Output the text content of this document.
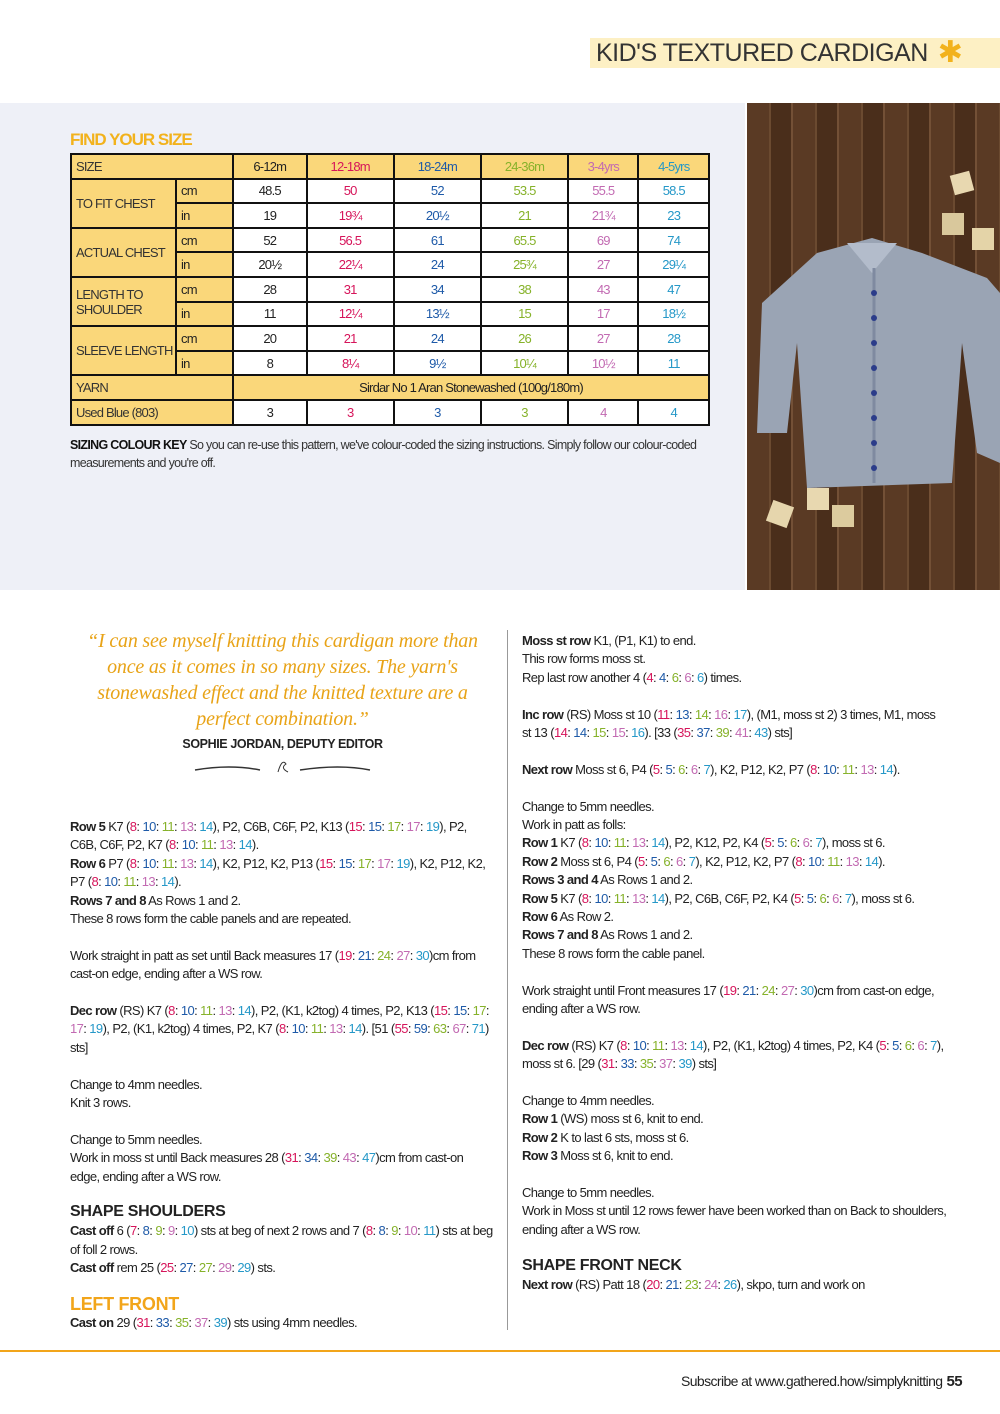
KID'S TEXTURED CARDIGAN ✱
FIND YOUR SIZE
SIZE		6-12m	12-18m	18-24m	24-36m	3-4yrs	4-5yrs
TO FIT CHEST	cm	48.5	50	52	53.5	55.5	58.5
	in	19	19¾	20½	21	21¾	23
ACTUAL CHEST	cm	52	56.5	61	65.5	69	74
	in	20½	22¼	24	25¾	27	29¼
LENGTH TO SHOULDER	cm	28	31	34	38	43	47
	in	11	12¼	13½	15	17	18½
SLEEVE LENGTH	cm	20	21	24	26	27	28
	in	8	8¼	9½	10¼	10½	11
YARN		Sirdar No 1 Aran Stonewashed (100g/180m)					
Used Blue (803)		3	3	3	3	4	4
SIZING COLOUR KEY So you can re-use this pattern, we've colour-coded the sizing instructions. Simply follow our colour-coded measurements and you're off.
“I can see myself knitting this cardigan more than once as it comes in so many sizes. The yarn's stonewashed effect and the knitted texture are a perfect combination.”
SOPHIE JORDAN, DEPUTY EDITOR

Row 5 K7 (8: 10: 11: 13: 14), P2, C6B, C6F, P2, K13 (15: 15: 17: 17: 19), P2, C6B, C6F, P2, K7 (8: 10: 11: 13: 14).
Row 6 P7 (8: 10: 11: 13: 14), K2, P12, K2, P13 (15: 15: 17: 17: 19), K2, P12, K2, P7 (8: 10: 11: 13: 14).
Rows 7 and 8 As Rows 1 and 2.
These 8 rows form the cable panels and are repeated.

Work straight in patt as set until Back measures 17 (19: 21: 24: 27: 30)cm from cast-on edge, ending after a WS row.

Dec row (RS) K7 (8: 10: 11: 13: 14), P2, (K1, k2tog) 4 times, P2, K13 (15: 15: 17: 17: 19), P2, (K1, k2tog) 4 times, P2, K7 (8: 10: 11: 13: 14). [51 (55: 59: 63: 67: 71) sts]

Change to 4mm needles.
Knit 3 rows.

Change to 5mm needles.
Work in moss st until Back measures 28 (31: 34: 39: 43: 47)cm from cast-on edge, ending after a WS row.

SHAPE SHOULDERS

Cast off 6 (7: 8: 9: 9: 10) sts at beg of next 2 rows and 7 (8: 8: 9: 10: 11) sts at beg of foll 2 rows.
Cast off rem 25 (25: 27: 27: 29: 29) sts.

LEFT FRONT

Cast on 29 (31: 33: 35: 37: 39) sts using 4mm needles.

Moss st row K1, (P1, K1) to end.
This row forms moss st.
Rep last row another 4 (4: 4: 6: 6: 6) times.

Inc row (RS) Moss st 10 (11: 13: 14: 16: 17), (M1, moss st 2) 3 times, M1, moss st 13 (14: 14: 15: 15: 16). [33 (35: 37: 39: 41: 43) sts]

Next row Moss st 6, P4 (5: 5: 6: 6: 7), K2, P12, K2, P7 (8: 10: 11: 13: 14).

Change to 5mm needles.
Work in patt as folls:
Row 1 K7 (8: 10: 11: 13: 14), P2, K12, P2, K4 (5: 5: 6: 6: 7), moss st 6.
Row 2 Moss st 6, P4 (5: 5: 6: 6: 7), K2, P12, K2, P7 (8: 10: 11: 13: 14).
Rows 3 and 4 As Rows 1 and 2.
Row 5 K7 (8: 10: 11: 13: 14), P2, C6B, C6F, P2, K4 (5: 5: 6: 6: 7), moss st 6.
Row 6 As Row 2.
Rows 7 and 8 As Rows 1 and 2.
These 8 rows form the cable panel.

Work straight until Front measures 17 (19: 21: 24: 27: 30)cm from cast-on edge, ending after a WS row.

Dec row (RS) K7 (8: 10: 11: 13: 14), P2, (K1, k2tog) 4 times, P2, K4 (5: 5: 6: 6: 7), moss st 6. [29 (31: 33: 35: 37: 39) sts]

Change to 4mm needles.
Row 1 (WS) moss st 6, knit to end.
Row 2 K to last 6 sts, moss st 6.
Row 3 Moss st 6, knit to end.

Change to 5mm needles.
Work in Moss st until 12 rows fewer have been worked than on Back to shoulders, ending after a WS row.

SHAPE FRONT NECK

Next row (RS) Patt 18 (20: 21: 23: 24: 26), skpo, turn and work on

Subscribe at www.gathered.how/simplyknitting 55
